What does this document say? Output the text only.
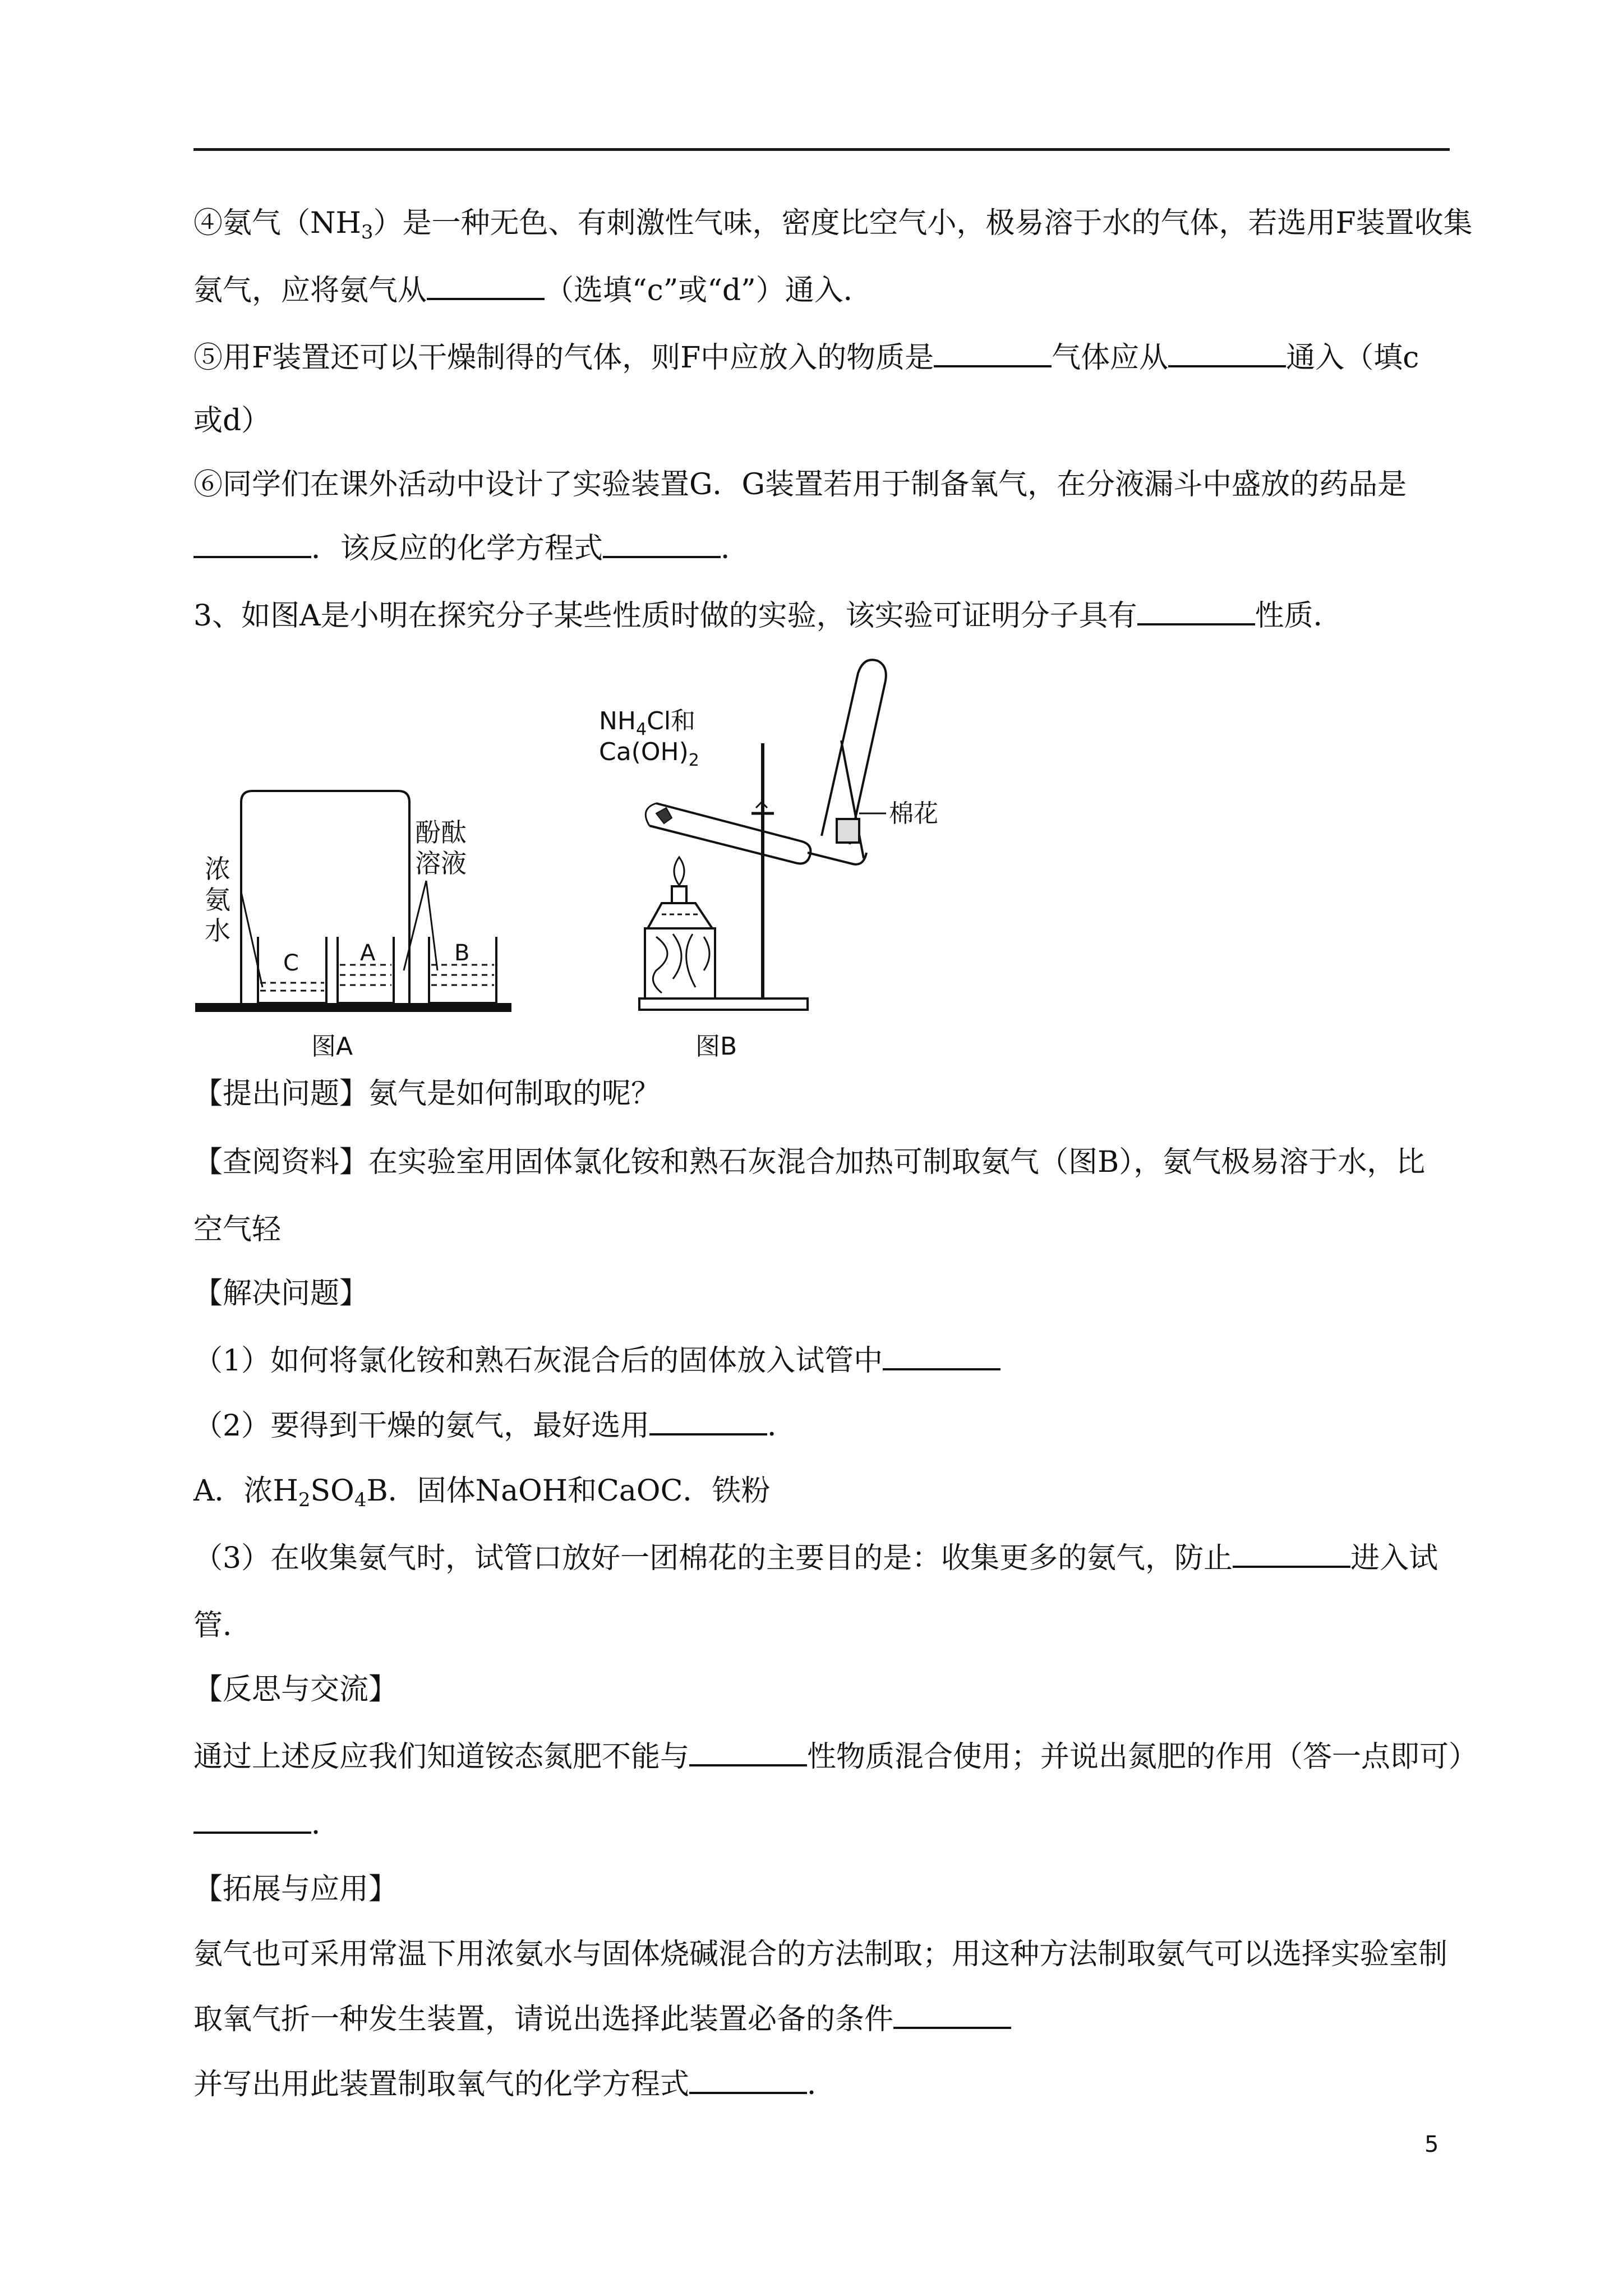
④氨气$(NH_3)$是一种无色、有刺激性气味，密度比空气小，极易溶于水的气体，若选用F装置收集
氨气，应将氨气从	（选填“c”或“d”）通入．
⑤用F装置还可以干燥制得的气体，则F中应放入的物质是	气体应从	通入（填c
或d）
⑥同学们在课外活动中设计了实验装置G．G装置若用于制备氧气，在分液漏斗中盛放的药品是
．该反应的化学方程式	．
3、如图A是小明在探究分子某些性质时做的实验，该实验可证明分子具有	性质．
浓
氨
水
酚酞
溶液
C	A	B
$NH_4Cl$和
$Ca(OH)_2$
棉花
图A	图B
【提出问题】氨气是如何制取的呢？
【查阅资料】在实验室用固体氯化铵和熟石灰混合加热可制取氨气（图B），氨气极易溶于水，比
空气轻
【解决问题】
（1）如何将氯化铵和熟石灰混合后的固体放入试管中
（2）要得到干燥的氨气，最好选用	．
A．浓$H_2SO_4B$．固体NaOH和CaOC．铁粉
（3）在收集氨气时，试管口放好一团棉花的主要目的是：收集更多的氨气，防止	进入试
管．
【反思与交流】
通过上述反应我们知道铵态氮肥不能与	性物质混合使用；并说出氮肥的作用（答一点即可）
．
【拓展与应用】
氨气也可采用常温下用浓氨水与固体烧碱混合的方法制取；用这种方法制取氨气可以选择实验室制
取氧气折一种发生装置，请说出选择此装置必备的条件
并写出用此装置制取氧气的化学方程式	．
5
